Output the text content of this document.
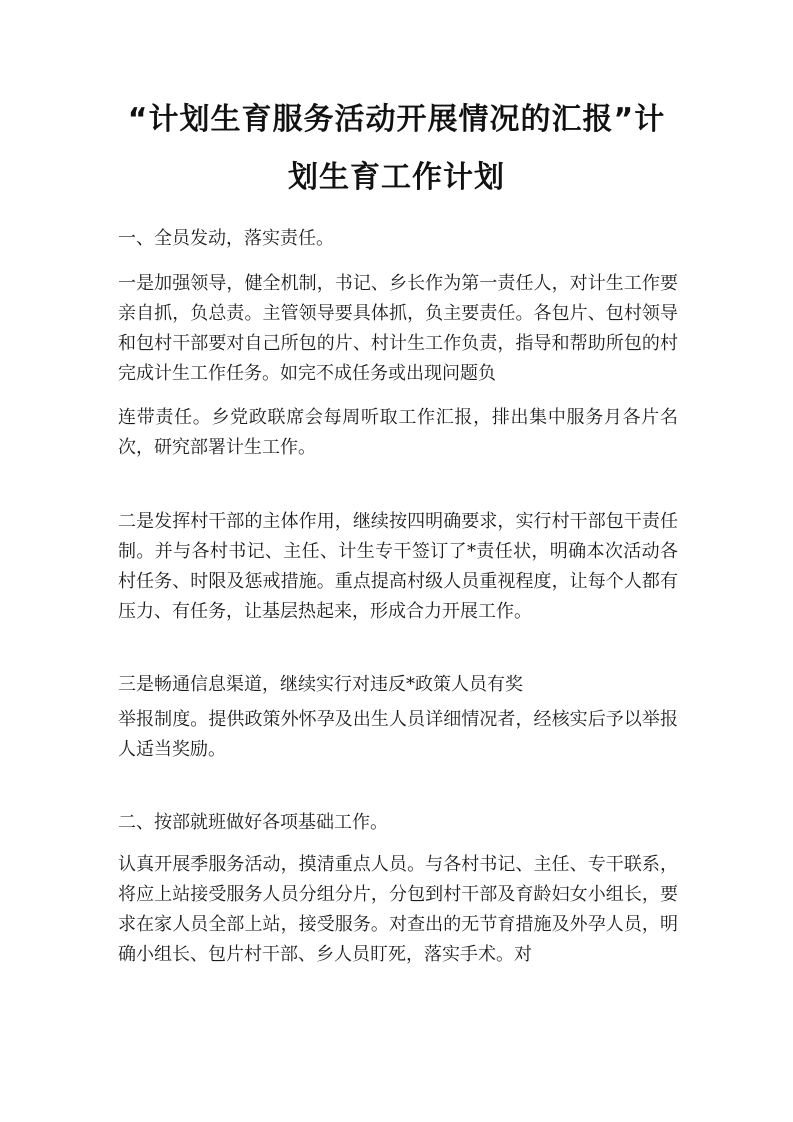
“计划生育服务活动开展情况的汇报”计
划生育工作计划
一、全员发动，落实责任。
一是加强领导，健全机制，书记、乡长作为第一责任人，对计生工作要亲自抓，负总责。主管领导要具体抓，负主要责任。各包片、包村领导和包村干部要对自己所包的片、村计生工作负责，指导和帮助所包的村完成计生工作任务。如完不成任务或出现问题负
连带责任。乡党政联席会每周听取工作汇报，排出集中服务月各片名次，研究部署计生工作。
二是发挥村干部的主体作用，继续按四明确要求，实行村干部包干责任制。并与各村书记、主任、计生专干签订了*责任状，明确本次活动各村任务、时限及惩戒措施。重点提高村级人员重视程度，让每个人都有压力、有任务，让基层热起来，形成合力开展工作。
三是畅通信息渠道，继续实行对违反*政策人员有奖
举报制度。提供政策外怀孕及出生人员详细情况者，经核实后予以举报人适当奖励。
二、按部就班做好各项基础工作。
认真开展季服务活动，摸清重点人员。与各村书记、主任、专干联系，将应上站接受服务人员分组分片，分包到村干部及育龄妇女小组长，要求在家人员全部上站，接受服务。对查出的无节育措施及外孕人员，明确小组长、包片村干部、乡人员盯死，落实手术。对
